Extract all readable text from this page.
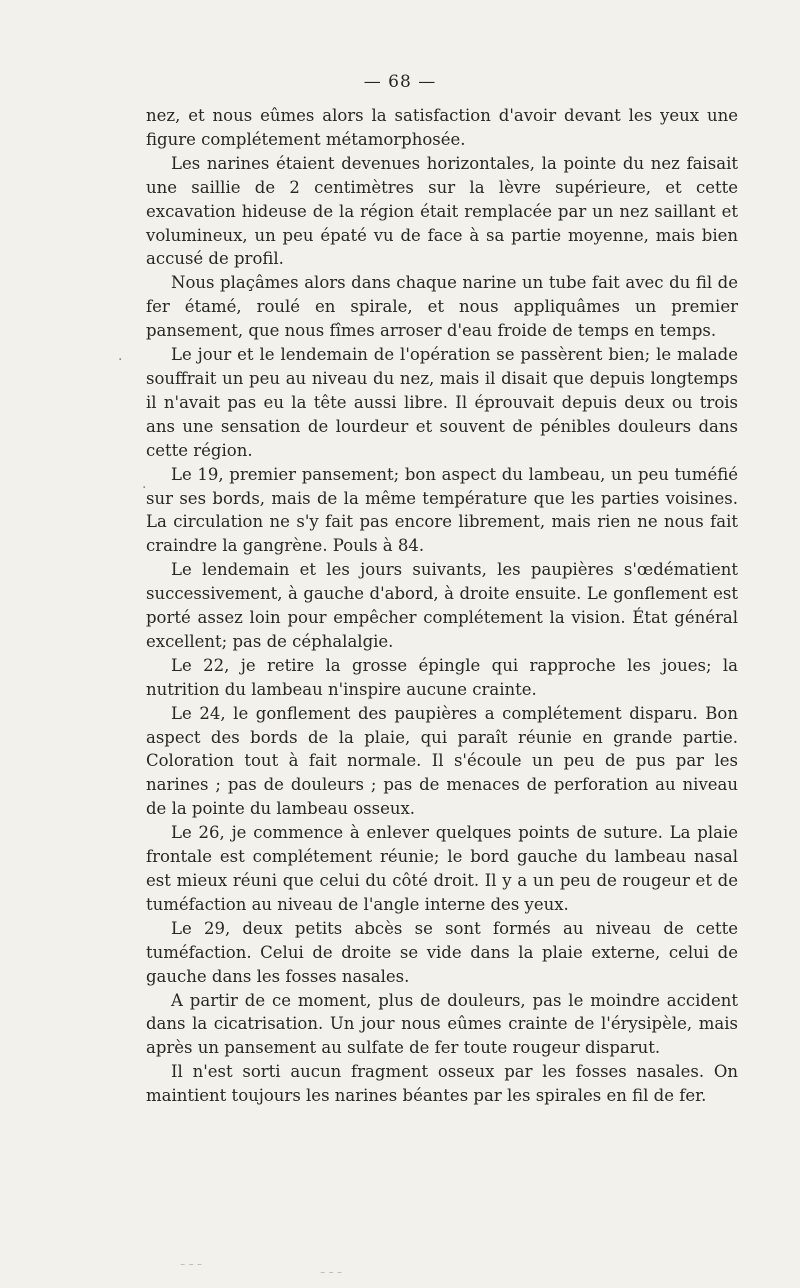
— 68 —

nez, et nous eûmes alors la satisfaction d'avoir devant les yeux une figure complétement métamorphosée.

Les narines étaient devenues horizontales, la pointe du nez faisait une saillie de 2 centimètres sur la lèvre supérieure, et cette excavation hideuse de la région était remplacée par un nez saillant et volumineux, un peu épaté vu de face à sa partie moyenne, mais bien accusé de profil.

Nous plaçâmes alors dans chaque narine un tube fait avec du fil de fer étamé, roulé en spirale, et nous appliquâmes un premier pansement, que nous fîmes arroser d'eau froide de temps en temps.

Le jour et le lendemain de l'opération se passèrent bien; le malade souffrait un peu au niveau du nez, mais il disait que depuis longtemps il n'avait pas eu la tête aussi libre. Il éprouvait depuis deux ou trois ans une sensation de lourdeur et souvent de pénibles douleurs dans cette région.

Le 19, premier pansement; bon aspect du lambeau, un peu tuméfié sur ses bords, mais de la même température que les parties voisines. La circulation ne s'y fait pas encore librement, mais rien ne nous fait craindre la gangrène. Pouls à 84.

Le lendemain et les jours suivants, les paupières s'œdématient successivement, à gauche d'abord, à droite ensuite. Le gonflement est porté assez loin pour empêcher complétement la vision. État général excellent; pas de céphalalgie.

Le 22, je retire la grosse épingle qui rapproche les joues; la nutrition du lambeau n'inspire aucune crainte.

Le 24, le gonflement des paupières a complétement disparu. Bon aspect des bords de la plaie, qui paraît réunie en grande partie. Coloration tout à fait normale. Il s'écoule un peu de pus par les narines ; pas de douleurs ; pas de menaces de perforation au niveau de la pointe du lambeau osseux.

Le 26, je commence à enlever quelques points de suture. La plaie frontale est complétement réunie; le bord gauche du lambeau nasal est mieux réuni que celui du côté droit. Il y a un peu de rougeur et de tuméfaction au niveau de l'angle interne des yeux.

Le 29, deux petits abcès se sont formés au niveau de cette tuméfaction. Celui de droite se vide dans la plaie externe, celui de gauche dans les fosses nasales.

A partir de ce moment, plus de douleurs, pas le moindre accident dans la cicatrisation. Un jour nous eûmes crainte de l'érysipèle, mais après un pansement au sulfate de fer toute rougeur disparut.

Il n'est sorti aucun fragment osseux par les fosses nasales. On maintient toujours les narines béantes par les spirales en fil de fer.

·
·
⁻ ⁻ ⁻
⁻ ⁻ ⁻
